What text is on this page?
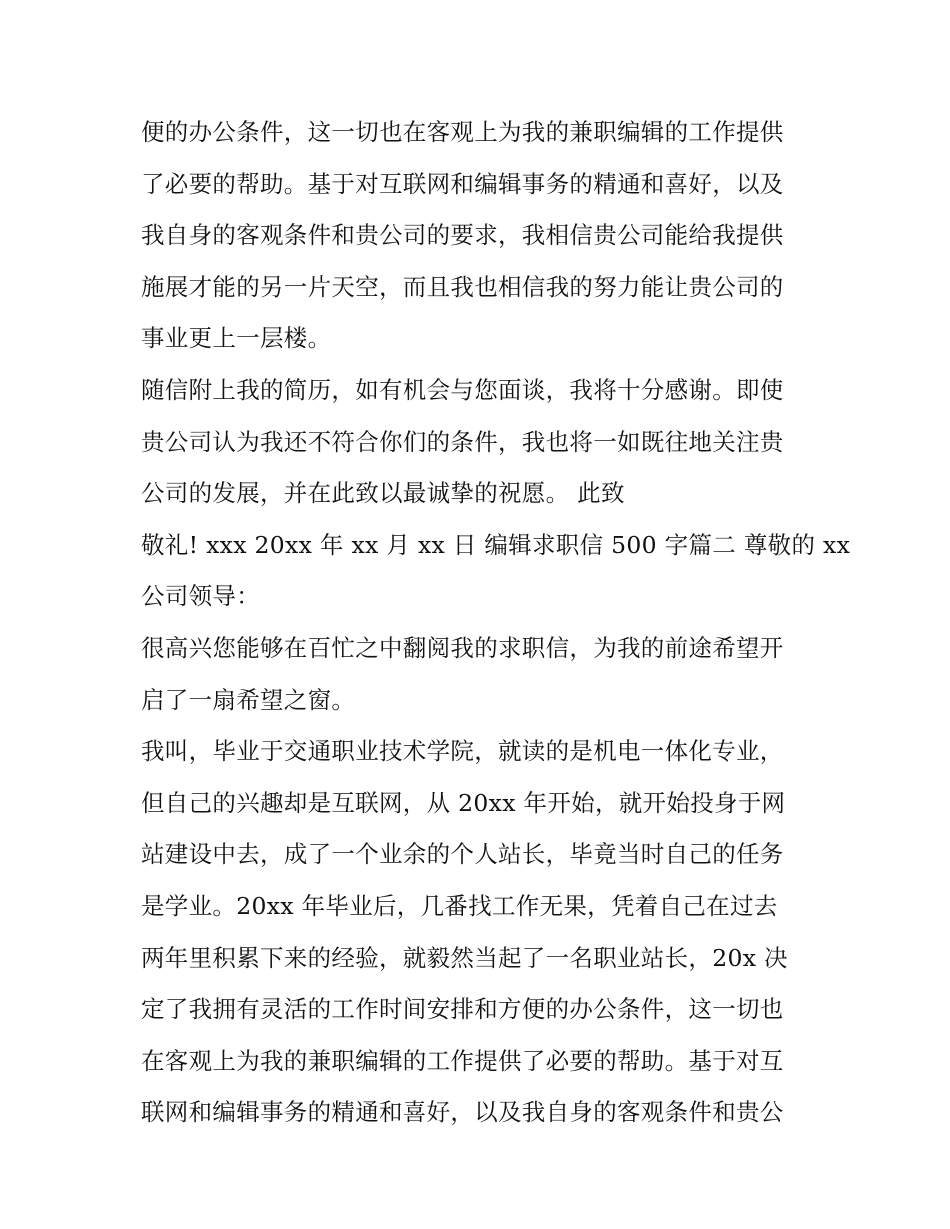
便的办公条件，这一切也在客观上为我的兼职编辑的工作提供
了必要的帮助。基于对互联网和编辑事务的精通和喜好，以及
我自身的客观条件和贵公司的要求，我相信贵公司能给我提供
施展才能的另一片天空，而且我也相信我的努力能让贵公司的
事业更上一层楼。
随信附上我的简历，如有机会与您面谈，我将十分感谢。即使
贵公司认为我还不符合你们的条件，我也将一如既往地关注贵
公司的发展，并在此致以最诚挚的祝愿。 此致
敬礼! xxx 20xx 年 xx 月 xx 日 编辑求职信 500 字篇二 尊敬的 xx
公司领导：
很高兴您能够在百忙之中翻阅我的求职信，为我的前途希望开
启了一扇希望之窗。
我叫，毕业于交通职业技术学院，就读的是机电一体化专业，
但自己的兴趣却是互联网，从 20xx 年开始，就开始投身于网
站建设中去，成了一个业余的个人站长，毕竟当时自己的任务
是学业。20xx 年毕业后，几番找工作无果，凭着自己在过去
两年里积累下来的经验，就毅然当起了一名职业站长，20x 决
定了我拥有灵活的工作时间安排和方便的办公条件，这一切也
在客观上为我的兼职编辑的工作提供了必要的帮助。基于对互
联网和编辑事务的精通和喜好，以及我自身的客观条件和贵公
